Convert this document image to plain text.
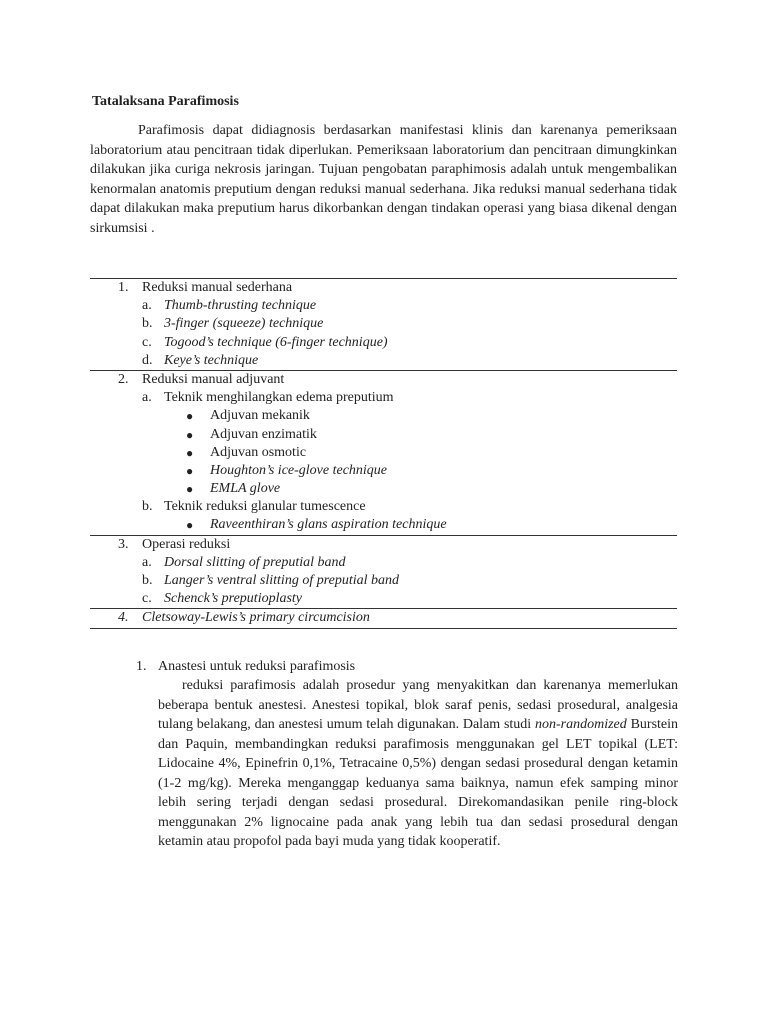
Tatalaksana Parafimosis
Parafimosis dapat didiagnosis berdasarkan manifestasi klinis dan karenanya pemeriksaan laboratorium atau pencitraan tidak diperlukan. Pemeriksaan laboratorium dan pencitraan dimungkinkan dilakukan jika curiga nekrosis jaringan. Tujuan pengobatan paraphimosis adalah untuk mengembalikan kenormalan anatomis preputium dengan reduksi manual sederhana. Jika reduksi manual sederhana tidak dapat dilakukan maka preputium harus dikorbankan dengan tindakan operasi yang biasa dikenal dengan sirkumsisi .
1. Reduksi manual sederhana
a. Thumb-thrusting technique
b. 3-finger (squeeze) technique
c. Togood’s technique (6-finger technique)
d. Keye’s technique
2. Reduksi manual adjuvant
a. Teknik menghilangkan edema preputium
● Adjuvan mekanik
● Adjuvan enzimatik
● Adjuvan osmotic
● Houghton’s ice-glove technique
● EMLA glove
b. Teknik reduksi glanular tumescence
● Raveenthiran’s glans aspiration technique
3. Operasi reduksi
a. Dorsal slitting of preputial band
b. Langer’s ventral slitting of preputial band
c. Schenck’s preputioplasty
4. Cletsoway-Lewis’s primary circumcision
1. Anastesi untuk reduksi parafimosis
reduksi parafimosis adalah prosedur yang menyakitkan dan karenanya memerlukan beberapa bentuk anestesi. Anestesi topikal, blok saraf penis, sedasi prosedural, analgesia tulang belakang, dan anestesi umum telah digunakan. Dalam studi non-randomized Burstein dan Paquin, membandingkan reduksi parafimosis menggunakan gel LET topikal (LET: Lidocaine 4%, Epinefrin 0,1%, Tetracaine 0,5%) dengan sedasi prosedural dengan ketamin (1-2 mg/kg). Mereka menganggap keduanya sama baiknya, namun efek samping minor lebih sering terjadi dengan sedasi prosedural. Direkomandasikan penile ring-block menggunakan 2% lignocaine pada anak yang lebih tua dan sedasi prosedural dengan ketamin atau propofol pada bayi muda yang tidak kooperatif.
